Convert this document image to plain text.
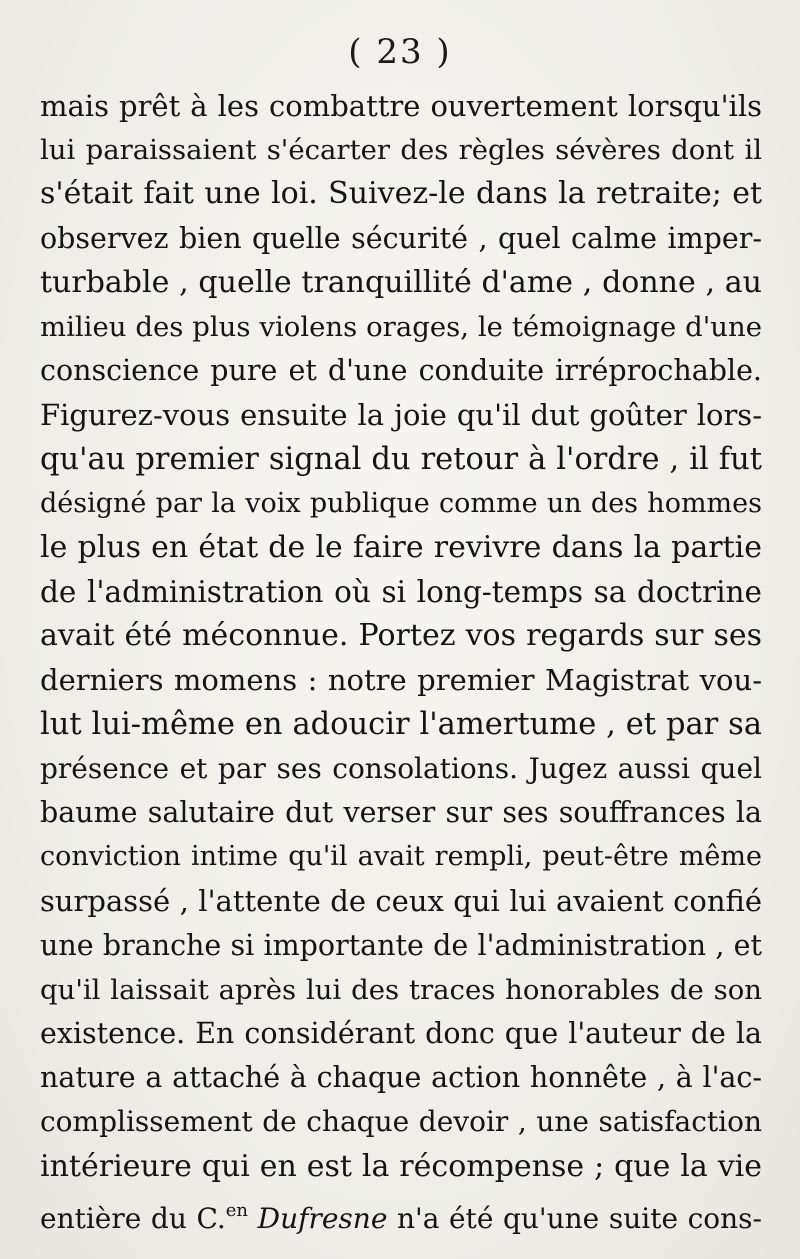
( 23 )
mais prêt à les combattre ouvertement lorsqu'ils
lui paraissaient s'écarter des règles sévères dont il
s'était fait une loi. Suivez-le dans la retraite; et
observez bien quelle sécurité , quel calme imper-
turbable , quelle tranquillité d'ame , donne , au
milieu des plus violens orages, le témoignage d'une
conscience pure et d'une conduite irréprochable.
Figurez-vous ensuite la joie qu'il dut goûter lors-
qu'au premier signal du retour à l'ordre , il fut
désigné par la voix publique comme un des hommes
le plus en état de le faire revivre dans la partie
de l'administration où si long-temps sa doctrine
avait été méconnue. Portez vos regards sur ses
derniers momens : notre premier Magistrat vou-
lut lui-même en adoucir l'amertume , et par sa
présence et par ses consolations. Jugez aussi quel
baume salutaire dut verser sur ses souffrances la
conviction intime qu'il avait rempli, peut-être même
surpassé , l'attente de ceux qui lui avaient confié
une branche si importante de l'administration , et
qu'il laissait après lui des traces honorables de son
existence. En considérant donc que l'auteur de la
nature a attaché à chaque action honnête , à l'ac-
complissement de chaque devoir , une satisfaction
intérieure qui en est la récompense ; que la vie
entière du C.$^{en}$ Dufresne n'a été qu'une suite cons-
